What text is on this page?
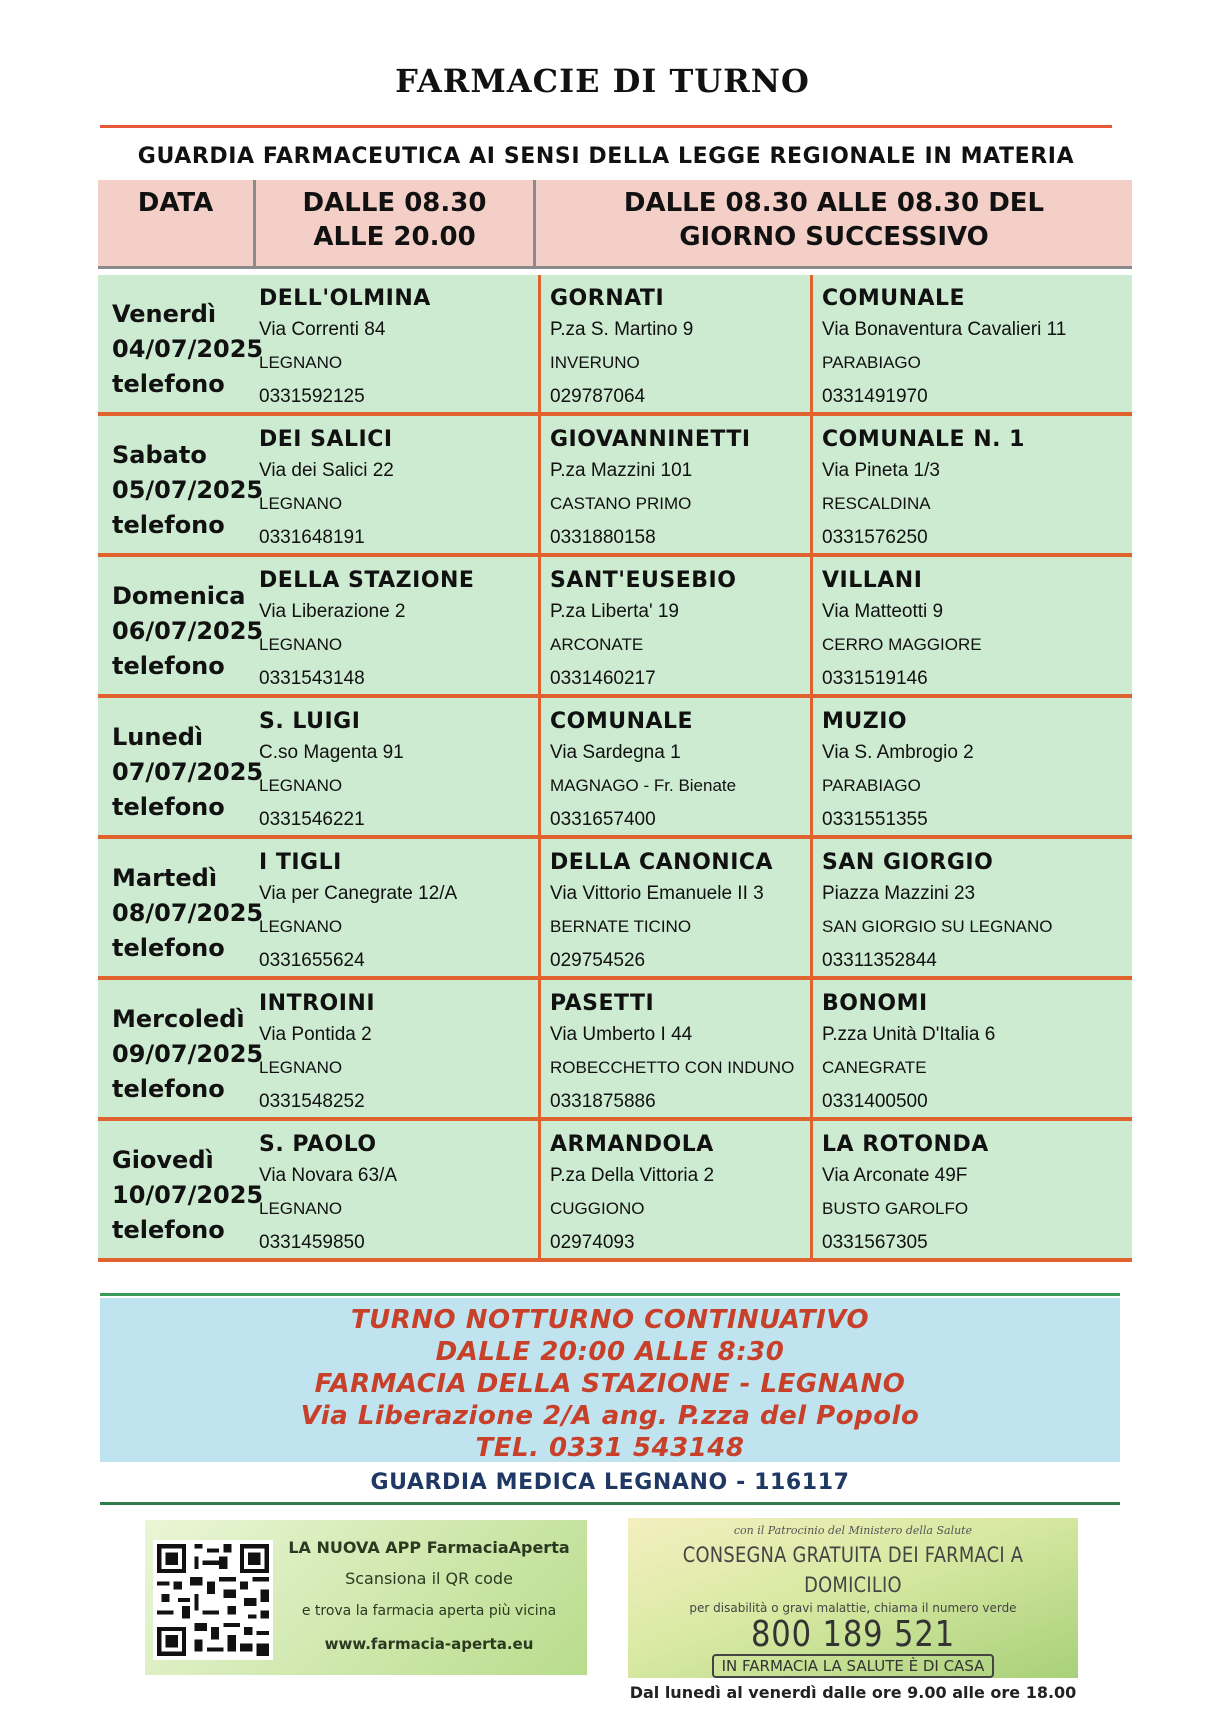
FARMACIE DI TURNO
GUARDIA FARMACEUTICA AI SENSI DELLA LEGGE REGIONALE IN MATERIA
DATA	DALLE 08.30
ALLE 20.00
DALLE 08.30 ALLE 08.30 DEL
GIORNO SUCCESSIVO
Venerdì
04/07/2025
telefono
DELL'OLMINA
Via Correnti 84
LEGNANO
0331592125
GORNATI
P.za S. Martino 9
INVERUNO
029787064
COMUNALE
Via Bonaventura Cavalieri 11
PARABIAGO
0331491970
Sabato
05/07/2025
telefono
DEI SALICI
Via dei Salici 22
LEGNANO
0331648191
GIOVANNINETTI
P.za Mazzini 101
CASTANO PRIMO
0331880158
COMUNALE N. 1
Via Pineta 1/3
RESCALDINA
0331576250
Domenica
06/07/2025
telefono
DELLA STAZIONE
Via Liberazione 2
LEGNANO
0331543148
SANT'EUSEBIO
P.za Liberta' 19
ARCONATE
0331460217
VILLANI
Via Matteotti 9
CERRO MAGGIORE
0331519146
Lunedì
07/07/2025
telefono
S. LUIGI
C.so Magenta 91
LEGNANO
0331546221
COMUNALE
Via Sardegna 1
MAGNAGO - Fr. Bienate
0331657400
MUZIO
Via S. Ambrogio 2
PARABIAGO
0331551355
Martedì
08/07/2025
telefono
I TIGLI
Via per Canegrate 12/A
LEGNANO
0331655624
DELLA CANONICA
Via Vittorio Emanuele II 3
BERNATE TICINO
029754526
SAN GIORGIO
Piazza Mazzini 23
SAN GIORGIO SU LEGNANO
03311352844
Mercoledì
09/07/2025
telefono
INTROINI
Via Pontida 2
LEGNANO
0331548252
PASETTI
Via Umberto I 44
ROBECCHETTO CON INDUNO
0331875886
BONOMI
P.zza Unità D'Italia 6
CANEGRATE
0331400500
Giovedì
10/07/2025
telefono
S. PAOLO
Via Novara 63/A
LEGNANO
0331459850
ARMANDOLA
P.za Della Vittoria 2
CUGGIONO
02974093
LA ROTONDA
Via Arconate 49F
BUSTO GAROLFO
0331567305
TURNO NOTTURNO CONTINUATIVO
DALLE 20:00 ALLE 8:30
FARMACIA DELLA STAZIONE - LEGNANO
Via Liberazione 2/A ang. P.zza del Popolo
TEL. 0331 543148
GUARDIA MEDICA LEGNANO - 116117
LA NUOVA APP FarmaciaAperta
Scansiona il QR code
e trova la farmacia aperta più vicina
www.farmacia-aperta.eu
con il Patrocinio del Ministero della Salute
CONSEGNA GRATUITA DEI FARMACI A DOMICILIO
per disabilità o gravi malattie, chiama il numero verde
800 189 521
IN FARMACIA LA SALUTE È DI CASA
Dal lunedì al venerdì dalle ore 9.00 alle ore 18.00
